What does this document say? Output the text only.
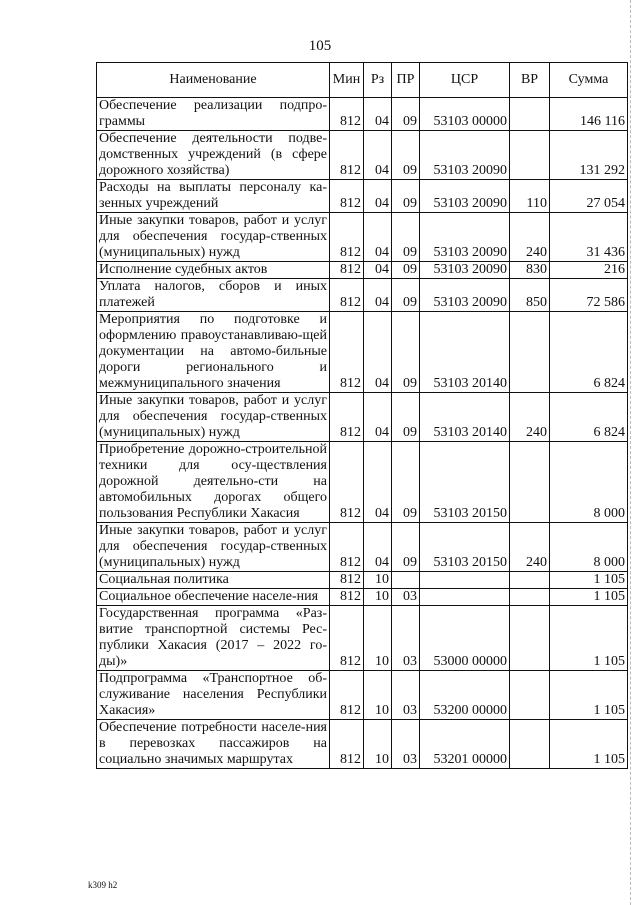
105
Наименование	Мин	Рз	ПР	ЦСР	ВР	Сумма
Обеспечение реализации подпро-граммы	812	04	09	53103 00000		146 116
Обеспечение деятельности подве-домственных учреждений (в сфере дорожного хозяйства)	812	04	09	53103 20090		131 292
Расходы на выплаты персоналу ка-зенных учреждений	812	04	09	53103 20090	110	27 054
Иные закупки товаров, работ и услуг для обеспечения государ-ственных (муниципальных) нужд	812	04	09	53103 20090	240	31 436
Исполнение судебных актов	812	04	09	53103 20090	830	216
Уплата налогов, сборов и иных платежей	812	04	09	53103 20090	850	72 586
Мероприятия по подготовке и оформлению правоустанавливаю-щей документации на автомо-бильные дороги регионального и межмуниципального значения	812	04	09	53103 20140		6 824
Иные закупки товаров, работ и услуг для обеспечения государ-ственных (муниципальных) нужд	812	04	09	53103 20140	240	6 824
Приобретение дорожно-строительной техники для осу-ществления дорожной деятельно-сти на автомобильных дорогах общего пользования Республики Хакасия	812	04	09	53103 20150		8 000
Иные закупки товаров, работ и услуг для обеспечения государ-ственных (муниципальных) нужд	812	04	09	53103 20150	240	8 000
Социальная политика	812	10				1 105
Социальное обеспечение населе-ния	812	10	03			1 105
Государственная программа «Раз-витие транспортной системы Рес-публики Хакасия (2017 – 2022 го-ды)»	812	10	03	53000 00000		1 105
Подпрограмма «Транспортное об-служивание населения Республики Хакасия»	812	10	03	53200 00000		1 105
Обеспечение потребности населе-ния в перевозках пассажиров на социально значимых маршрутах	812	10	03	53201 00000		1 105
k309 h2
